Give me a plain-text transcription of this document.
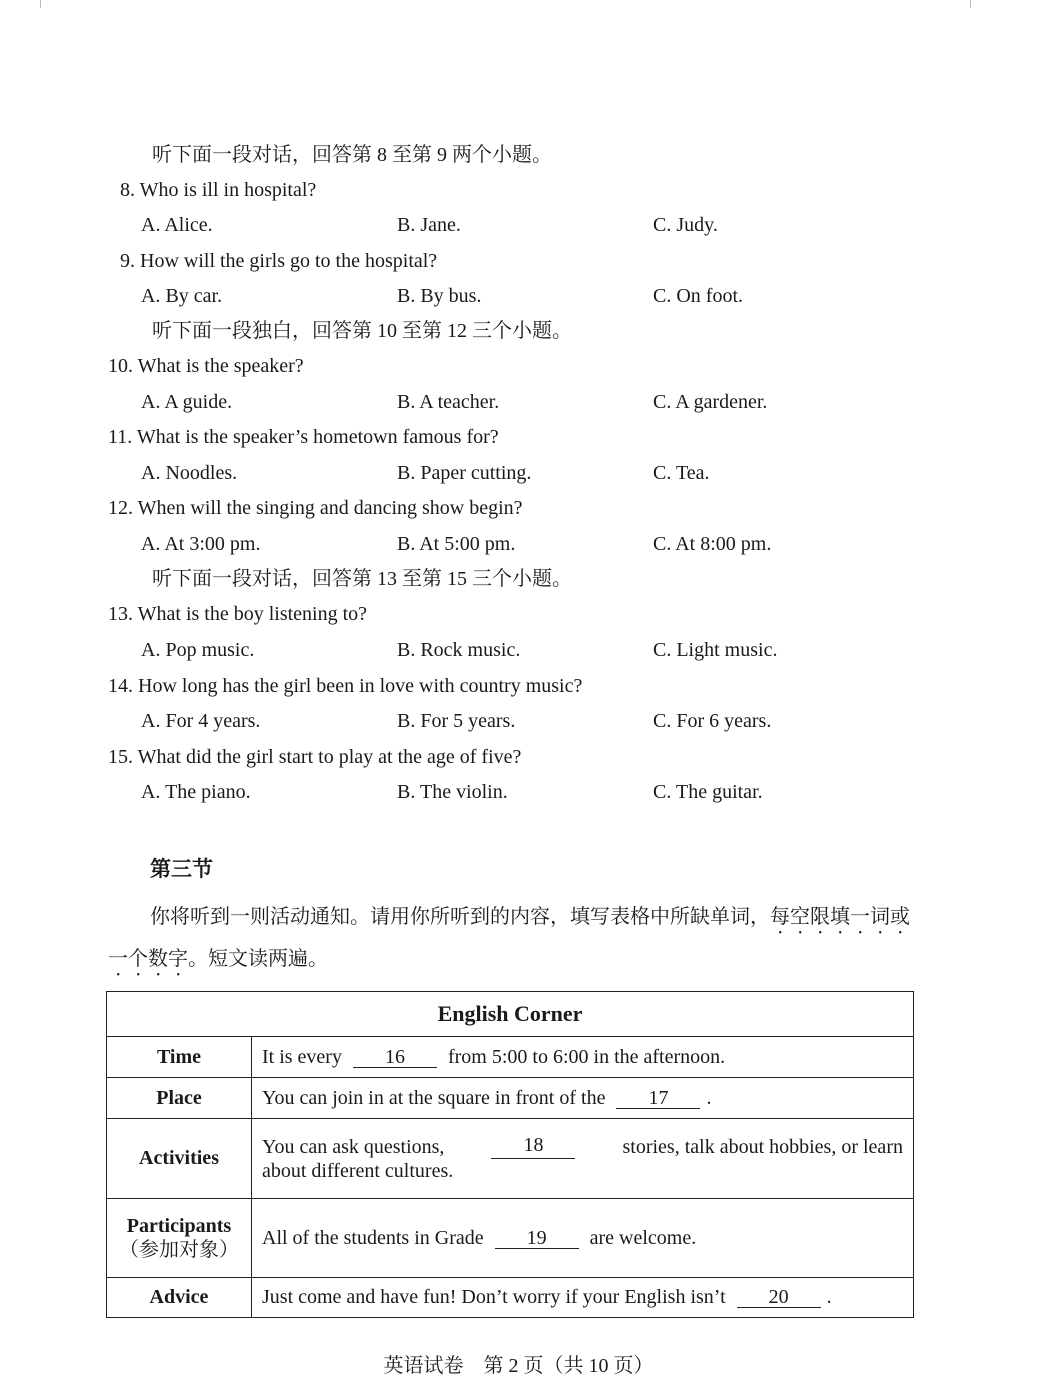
听下面一段对话，回答第 8 至第 9 两个小题。
8. Who is ill in hospital?
A. Alice.	B. Jane.	C. Judy.
9. How will the girls go to the hospital?
A. By car.	B. By bus.	C. On foot.
听下面一段独白，回答第 10 至第 12 三个小题。
10. What is the speaker?
A. A guide.	B. A teacher.	C. A gardener.
11. What is the speaker’s hometown famous for?
A. Noodles.	B. Paper cutting.	C. Tea.
12. When will the singing and dancing show begin?
A. At 3:00 pm.	B. At 5:00 pm.	C. At 8:00 pm.
听下面一段对话，回答第 13 至第 15 三个小题。
13. What is the boy listening to?
A. Pop music.	B. Rock music.	C. Light music.
14. How long has the girl been in love with country music?
A. For 4 years.	B. For 5 years.	C. For 6 years.
15. What did the girl start to play at the age of five?
A. The piano.	B. The violin.	C. The guitar.
第三节
你将听到一则活动通知。请用你所听到的内容，填写表格中所缺单词，每空限填一词或一个数字。短文读两遍。
English Corner	
Time	It is every 16 from 5:00 to 6:00 in the afternoon.
Place	You can join in at the square in front of the 17 .
Activities	You can ask questions, 18 stories, talk about hobbies, or learn
about different cultures.

Participants
（参加对象）	All of the students in Grade 19 are welcome.
Advice	Just come and have fun! Don’t worry if your English isn’t 20 .
英语试卷　第 2 页（共 10 页）
